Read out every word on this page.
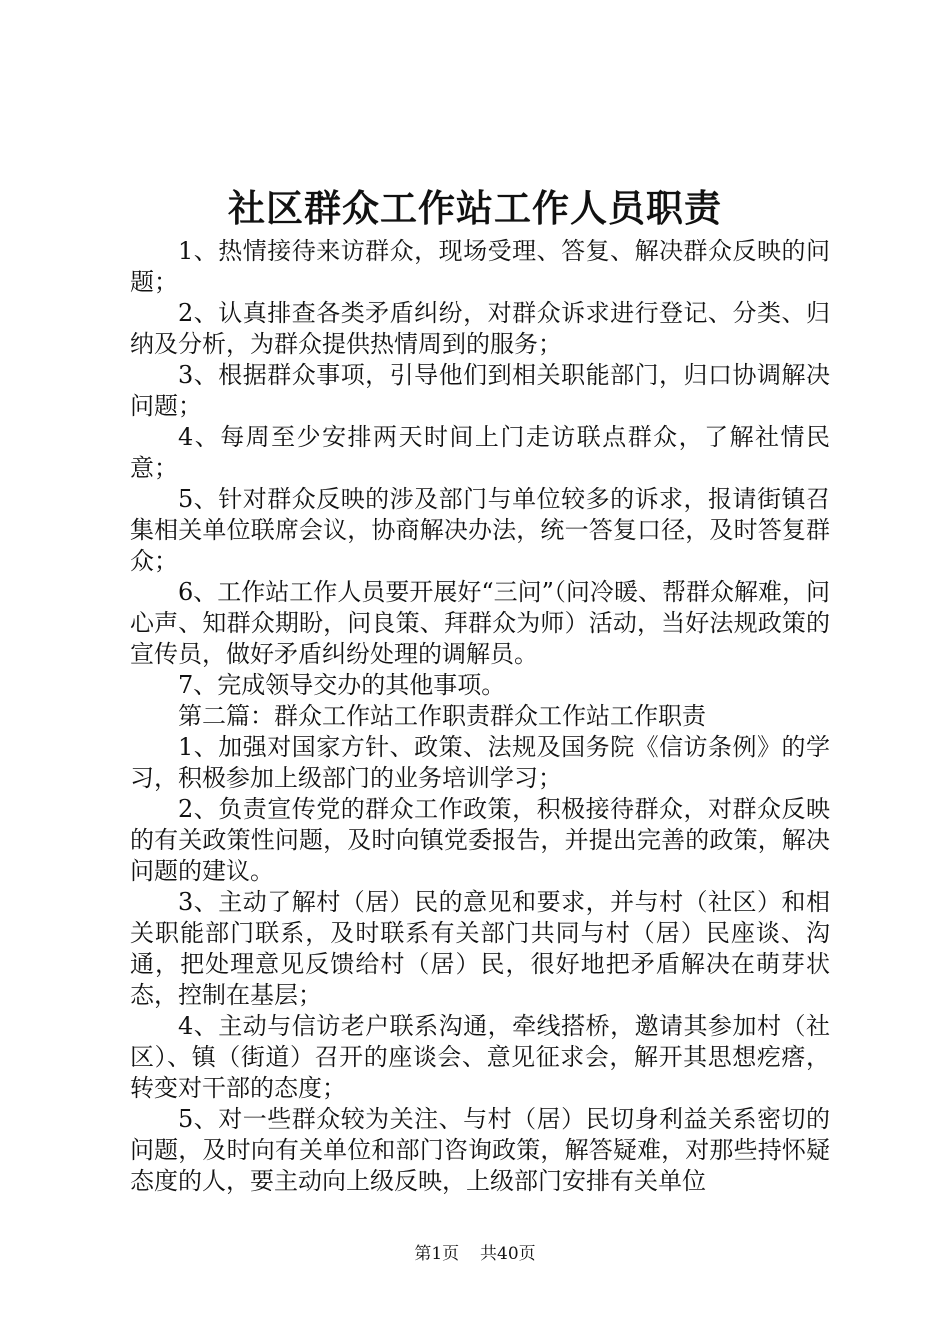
社区群众工作站工作人员职责

1、热情接待来访群众，现场受理、答复、解决群众反映的问题；

2、认真排查各类矛盾纠纷，对群众诉求进行登记、分类、归纳及分析，为群众提供热情周到的服务；

3、根据群众事项，引导他们到相关职能部门，归口协调解决问题；

4、每周至少安排两天时间上门走访联点群众，了解社情民意；

5、针对群众反映的涉及部门与单位较多的诉求，报请街镇召集相关单位联席会议，协商解决办法，统一答复口径，及时答复群众；

6、工作站工作人员要开展好“三问”（问冷暖、帮群众解难，问心声、知群众期盼，问良策、拜群众为师）活动，当好法规政策的宣传员，做好矛盾纠纷处理的调解员。

7、完成领导交办的其他事项。

第二篇：群众工作站工作职责群众工作站工作职责

1、加强对国家方针、政策、法规及国务院《信访条例》的学习，积极参加上级部门的业务培训学习；

2、负责宣传党的群众工作政策，积极接待群众，对群众反映的有关政策性问题，及时向镇党委报告，并提出完善的政策，解决问题的建议。

3、主动了解村（居）民的意见和要求，并与村（社区）和相关职能部门联系，及时联系有关部门共同与村（居）民座谈、沟通，把处理意见反馈给村（居）民，很好地把矛盾解决在萌芽状态，控制在基层；

4、主动与信访老户联系沟通，牵线搭桥，邀请其参加村（社区）、镇（街道）召开的座谈会、意见征求会，解开其思想疙瘩，转变对干部的态度；

5、对一些群众较为关注、与村（居）民切身利益关系密切的问题，及时向有关单位和部门咨询政策，解答疑难，对那些持怀疑态度的人，要主动向上级反映，上级部门安排有关单位

第1页 共40页
